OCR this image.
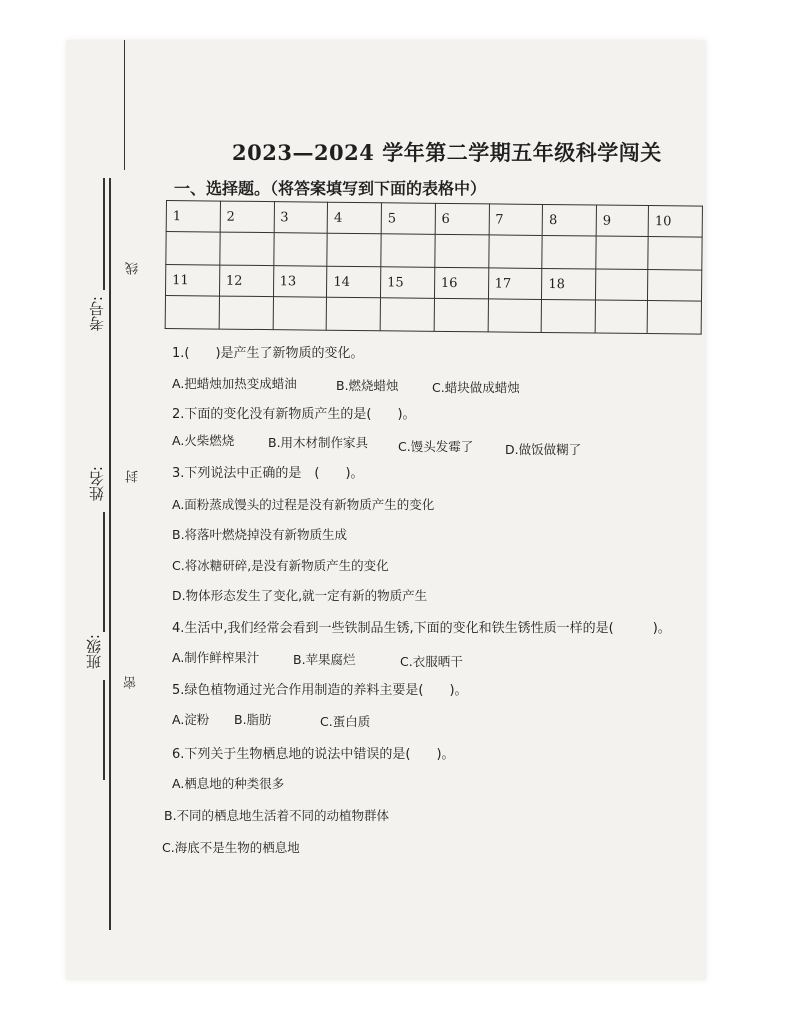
考号:
姓名:
班级:
线
封
密
2023—2024 学年第二学期五年级科学闯关
一、选择题。（将答案填写到下面的表格中）
1	2	3	4	5	6	7	8	9	10

11	12	13	14	15	16	17	18		

1.(　　)是产生了新物质的变化。
A.把蜡烛加热变成蜡油	B.燃烧蜡烛	C.蜡块做成蜡烛
2.下面的变化没有新物质产生的是(　　)。
A.火柴燃烧	B.用木材制作家具 C.馒头发霉了	D.做饭做糊了
3.下列说法中正确的是　(　　)。
A.面粉蒸成馒头的过程是没有新物质产生的变化
B.将落叶燃烧掉没有新物质生成
C.将冰糖研碎,是没有新物质产生的变化
D.物体形态发生了变化,就一定有新的物质产生
4.生活中,我们经常会看到一些铁制品生锈,下面的变化和铁生锈性质一样的是(　　　)。
A.制作鲜榨果汁	B.苹果腐烂	C.衣服晒干
5.绿色植物通过光合作用制造的养料主要是(　　)。
A.淀粉 B.脂肪	C.蛋白质
6.下列关于生物栖息地的说法中错误的是(　　)。
A.栖息地的种类很多
B.不同的栖息地生活着不同的动植物群体
C.海底不是生物的栖息地
